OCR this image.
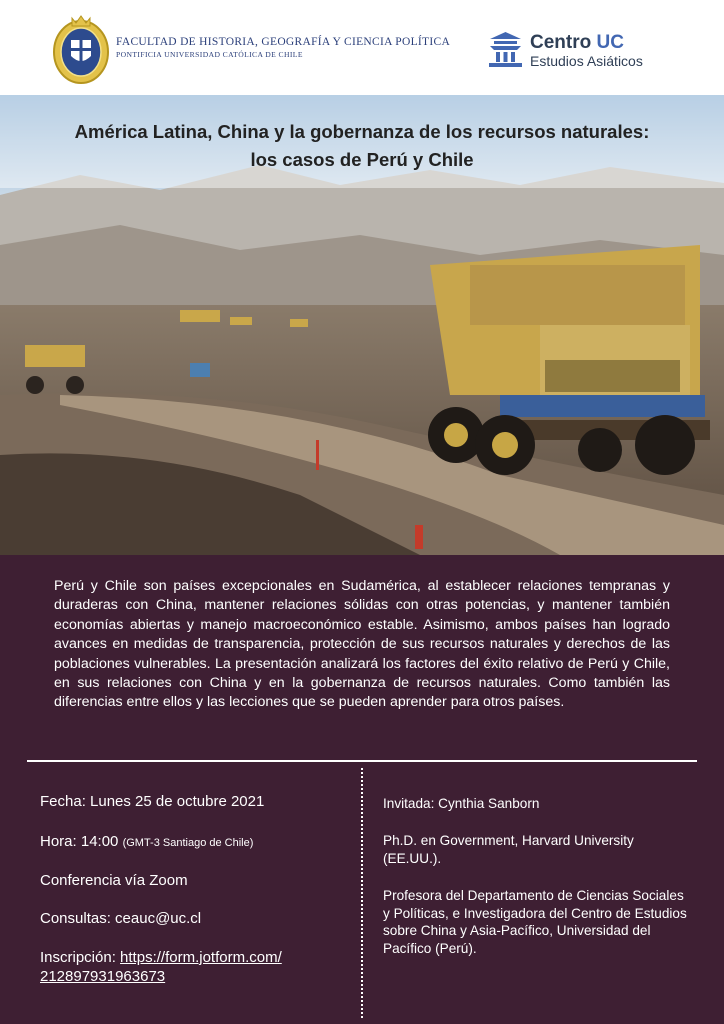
FACULTAD DE HISTORIA, GEOGRAFÍA Y CIENCIA POLÍTICA
PONTIFICIA UNIVERSIDAD CATÓLICA DE CHILE
Centro UC
Estudios Asiáticos
América Latina, China y la gobernanza de los recursos naturales:
los casos de Perú y Chile
Perú y Chile son países excepcionales en Sudamérica, al establecer relaciones tempranas y duraderas con China, mantener relaciones sólidas con otras potencias, y mantener también economías abiertas y manejo macroeconómico estable. Asimismo, ambos países han logrado avances en medidas de transparencia, protección de sus recursos naturales y derechos de las poblaciones vulnerables. La presentación analizará los factores del éxito relativo de Perú y Chile, en sus relaciones con China y en la gobernanza de recursos naturales. Como también las diferencias entre ellos y las lecciones que se pueden aprender para otros países.
Fecha: Lunes 25 de octubre 2021
Hora: 14:00 (GMT-3 Santiago de Chile)
Conferencia vía Zoom
Consultas: ceauc@uc.cl
Inscripción: https://form.jotform.com/
212897931963673
Invitada: Cynthia Sanborn
Ph.D. en Government, Harvard University (EE.UU.).
Profesora del Departamento de Ciencias Sociales y Políticas, e Investigadora del Centro de Estudios sobre China y Asia-Pacífico, Universidad del Pacífico (Perú).
